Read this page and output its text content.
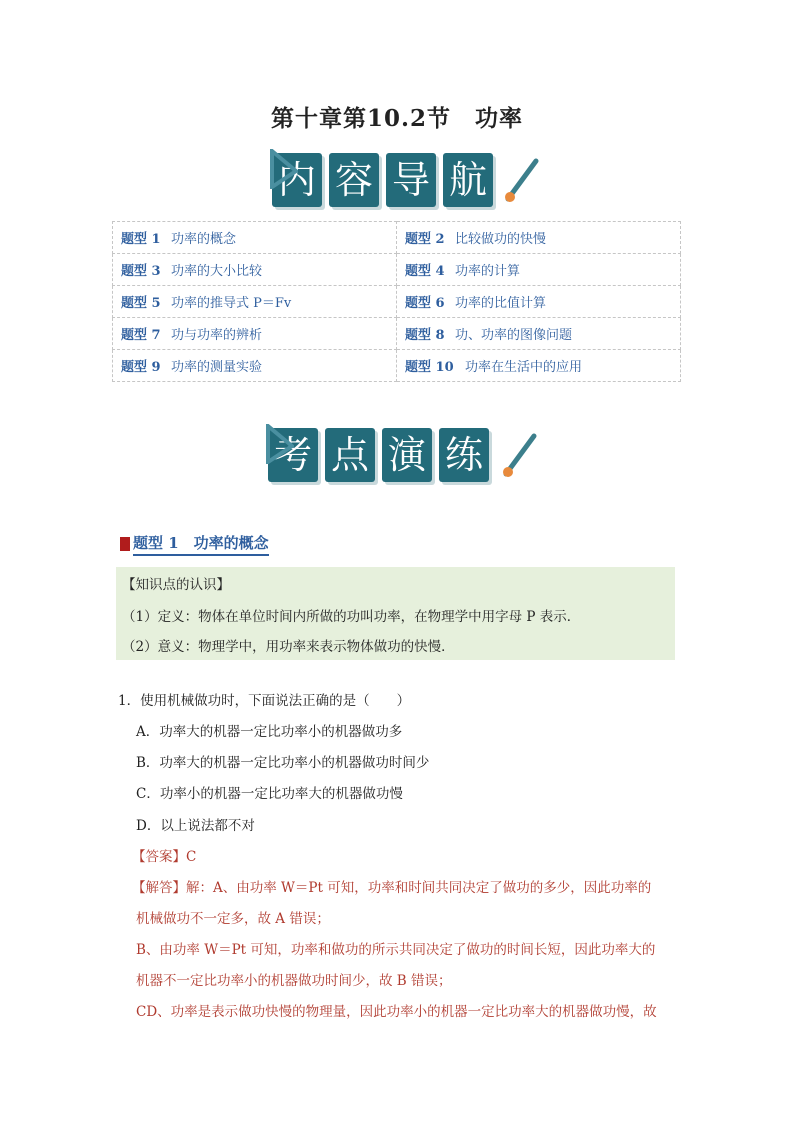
第十章第10.2节　功率
内 容 导 航
题型 1 功率的概念	题型 2 比较做功的快慢
题型 3 功率的大小比较	题型 4 功率的计算
题型 5 功率的推导式 P＝Fv	题型 6 功率的比值计算
题型 7 功与功率的辨析	题型 8 功、功率的图像问题
题型 9 功率的测量实验	题型 10 功率在生活中的应用
考 点 演 练
题型 1　功率的概念
【知识点的认识】
（1）定义：物体在单位时间内所做的功叫功率，在物理学中用字母 P 表示．
（2）意义：物理学中，用功率来表示物体做功的快慢．
1．使用机械做功时，下面说法正确的是（　　）
A．功率大的机器一定比功率小的机器做功多
B．功率大的机器一定比功率小的机器做功时间少
C．功率小的机器一定比功率大的机器做功慢
D．以上说法都不对
【答案】C
【解答】解：A、由功率 W＝Pt 可知，功率和时间共同决定了做功的多少，因此功率的
机械做功不一定多，故 A 错误；
B、由功率 W＝Pt 可知，功率和做功的所示共同决定了做功的时间长短，因此功率大的
机器不一定比功率小的机器做功时间少，故 B 错误；
CD、功率是表示做功快慢的物理量，因此功率小的机器一定比功率大的机器做功慢，故
